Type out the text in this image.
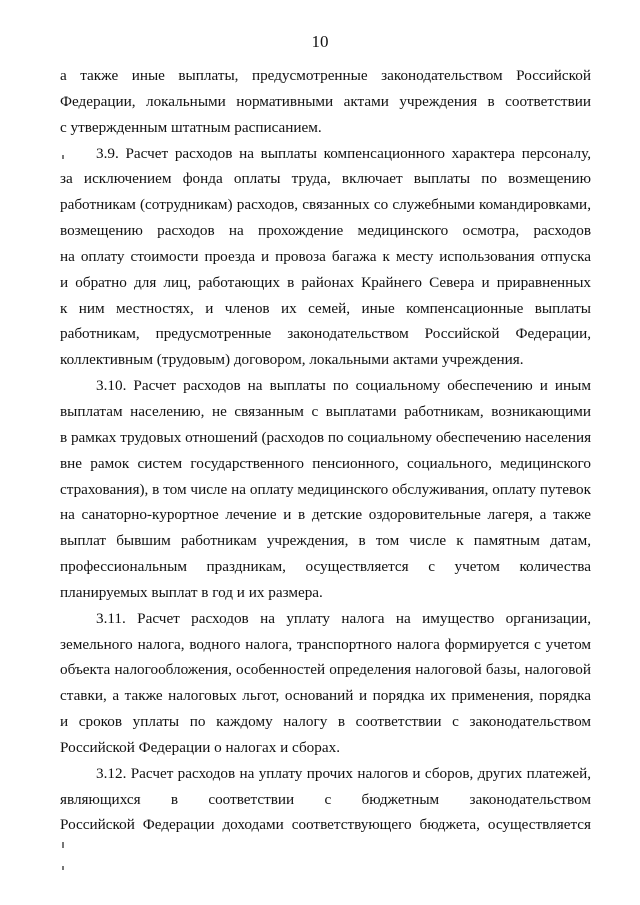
10
а также иные выплаты, предусмотренные законодательством Российской
Федерации, локальными нормативными актами учреждения в соответствии
с утвержденным штатным расписанием.
3.9. Расчет расходов на выплаты компенсационного характера персоналу,
за исключением фонда оплаты труда, включает выплаты по возмещению
работникам (сотрудникам) расходов, связанных со служебными командировками,
возмещению расходов на прохождение медицинского осмотра, расходов
на оплату стоимости проезда и провоза багажа к месту использования отпуска
и обратно для лиц, работающих в районах Крайнего Севера и приравненных
к ним местностях, и членов их семей, иные компенсационные выплаты
работникам, предусмотренные законодательством Российской Федерации,
коллективным (трудовым) договором, локальными актами учреждения.
3.10. Расчет расходов на выплаты по социальному обеспечению и иным
выплатам населению, не связанным с выплатами работникам, возникающими
в рамках трудовых отношений (расходов по социальному обеспечению населения
вне рамок систем государственного пенсионного, социального, медицинского
страхования), в том числе на оплату медицинского обслуживания, оплату путевок
на санаторно-курортное лечение и в детские оздоровительные лагеря, а также
выплат бывшим работникам учреждения, в том числе к памятным датам,
профессиональным праздникам, осуществляется с учетом количества
планируемых выплат в год и их размера.
3.11. Расчет расходов на уплату налога на имущество организации,
земельного налога, водного налога, транспортного налога формируется с учетом
объекта налогообложения, особенностей определения налоговой базы, налоговой
ставки, а также налоговых льгот, оснований и порядка их применения, порядка
и сроков уплаты по каждому налогу в соответствии с законодательством
Российской Федерации о налогах и сборах.
3.12. Расчет расходов на уплату прочих налогов и сборов, других платежей,
являющихся в соответствии с бюджетным законодательством
Российской Федерации доходами соответствующего бюджета, осуществляется
